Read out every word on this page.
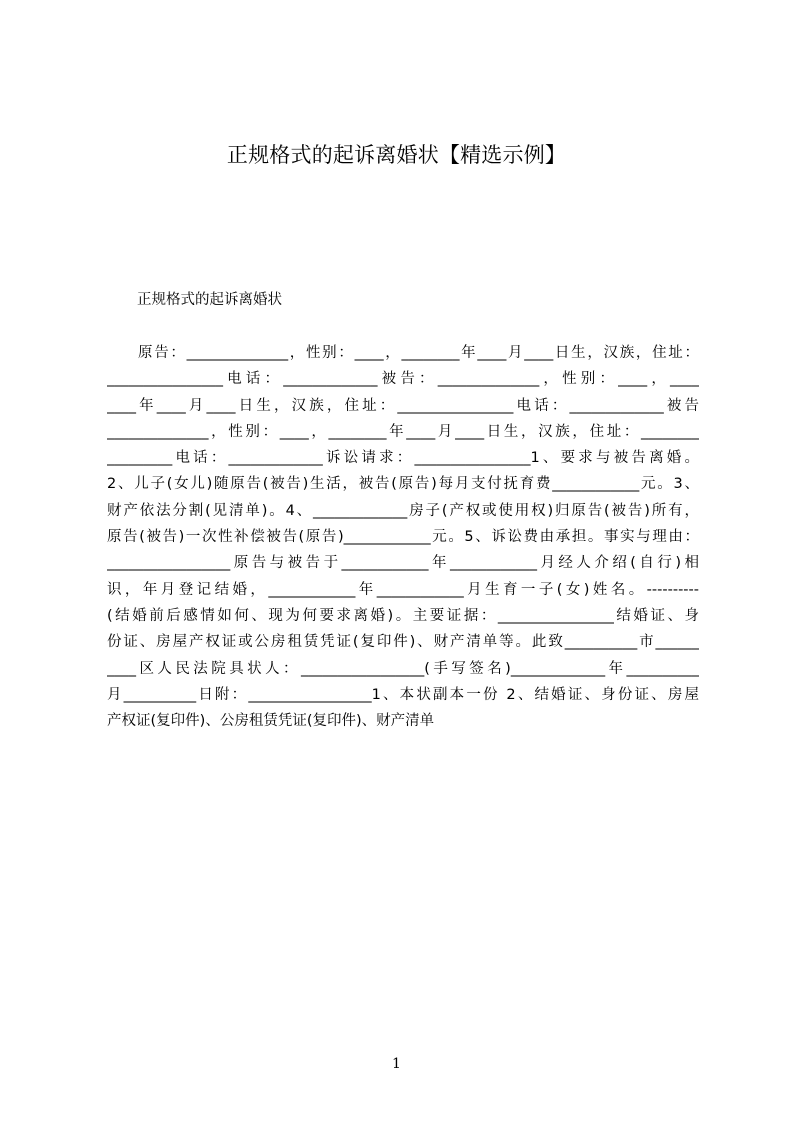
正规格式的起诉离婚状【精选示例】
正规格式的起诉离婚状
原告：______________，性别：____，________年____月____日生，汉族，住址：
________________电话：_____________被告：______________，性别：____，____
____年____月____日生，汉族，住址：________________电话：_____________被告
______________，性别：____，________年____月____日生，汉族，住址：________
_________电话：_____________诉讼请求：________________1、要求与被告离婚。
2、儿子(女儿)随原告(被告)生活，被告(原告)每月支付抚育费____________元。3、
财产依法分割(见清单)。4、_____________房子(产权或使用权)归原告(被告)所有，
原告(被告)一次性补偿被告(原告)____________元。5、诉讼费由承担。事实与理由：
_________________原告与被告于____________年____________月经人介绍(自行)相
识，年月登记结婚，____________年____________月生育一子(女)姓名。----------
(结婚前后感情如何、现为何要求离婚)。主要证据：________________结婚证、身
份证、房屋产权证或公房租赁凭证(复印件)、财产清单等。此致__________市______
____区人民法院具状人：_________________(手写签名)_____________年__________
月__________日附：_________________1、本状副本一份 2、结婚证、身份证、房屋
产权证(复印件)、公房租赁凭证(复印件)、财产清单
1
